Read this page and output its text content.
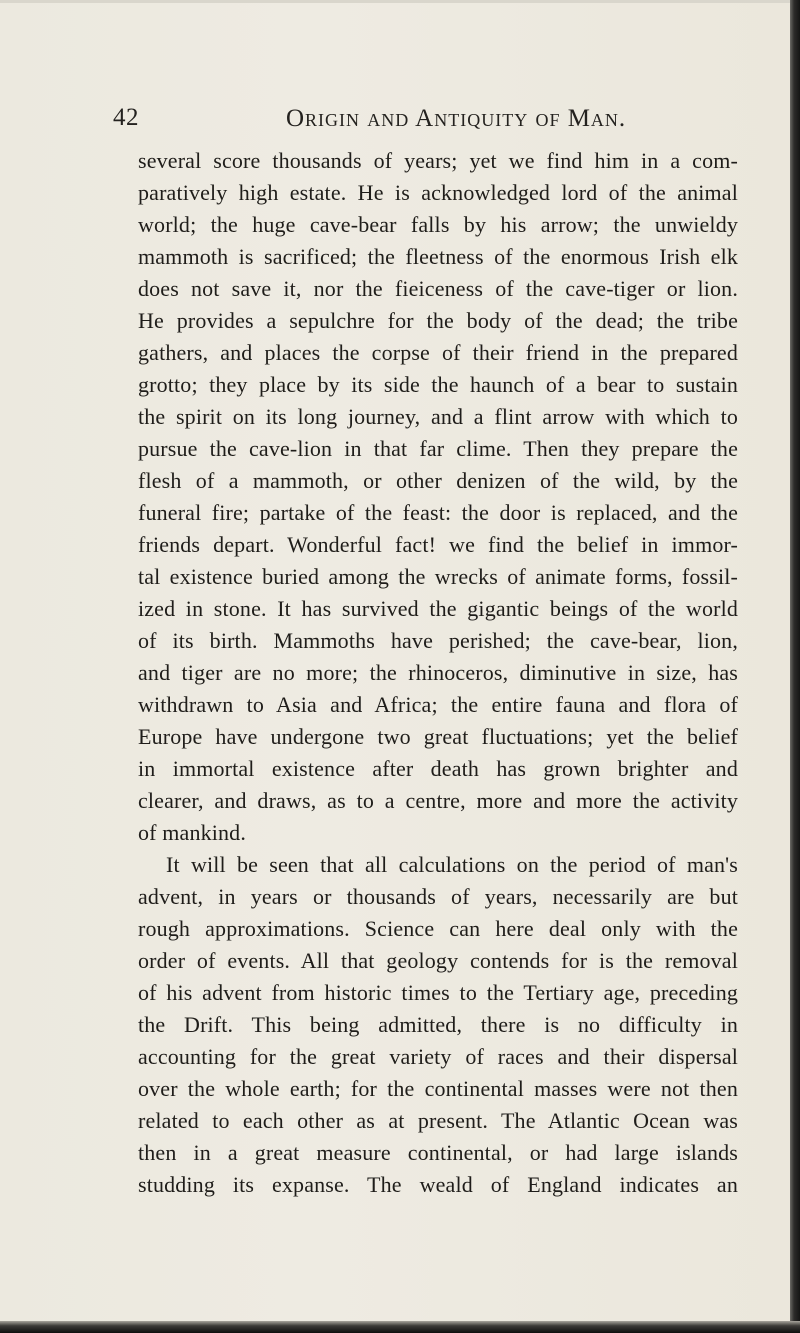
42	Origin and Antiquity of Man.
several score thousands of years; yet we find him in a com-
paratively high estate. He is acknowledged lord of the animal
world; the huge cave-bear falls by his arrow; the unwieldy
mammoth is sacrificed; the fleetness of the enormous Irish elk
does not save it, nor the fieiceness of the cave-tiger or lion.
He provides a sepulchre for the body of the dead; the tribe
gathers, and places the corpse of their friend in the prepared
grotto; they place by its side the haunch of a bear to sustain
the spirit on its long journey, and a flint arrow with which to
pursue the cave-lion in that far clime. Then they prepare the
flesh of a mammoth, or other denizen of the wild, by the
funeral fire; partake of the feast: the door is replaced, and the
friends depart. Wonderful fact! we find the belief in immor-
tal existence buried among the wrecks of animate forms, fossil-
ized in stone. It has survived the gigantic beings of the world
of its birth. Mammoths have perished; the cave-bear, lion,
and tiger are no more; the rhinoceros, diminutive in size, has
withdrawn to Asia and Africa; the entire fauna and flora of
Europe have undergone two great fluctuations; yet the belief
in immortal existence after death has grown brighter and
clearer, and draws, as to a centre, more and more the activity
of mankind.
It will be seen that all calculations on the period of man's
advent, in years or thousands of years, necessarily are but
rough approximations. Science can here deal only with the
order of events. All that geology contends for is the removal
of his advent from historic times to the Tertiary age, preceding
the Drift. This being admitted, there is no difficulty in
accounting for the great variety of races and their dispersal
over the whole earth; for the continental masses were not then
related to each other as at present. The Atlantic Ocean was
then in a great measure continental, or had large islands
studding its expanse. The weald of England indicates an
